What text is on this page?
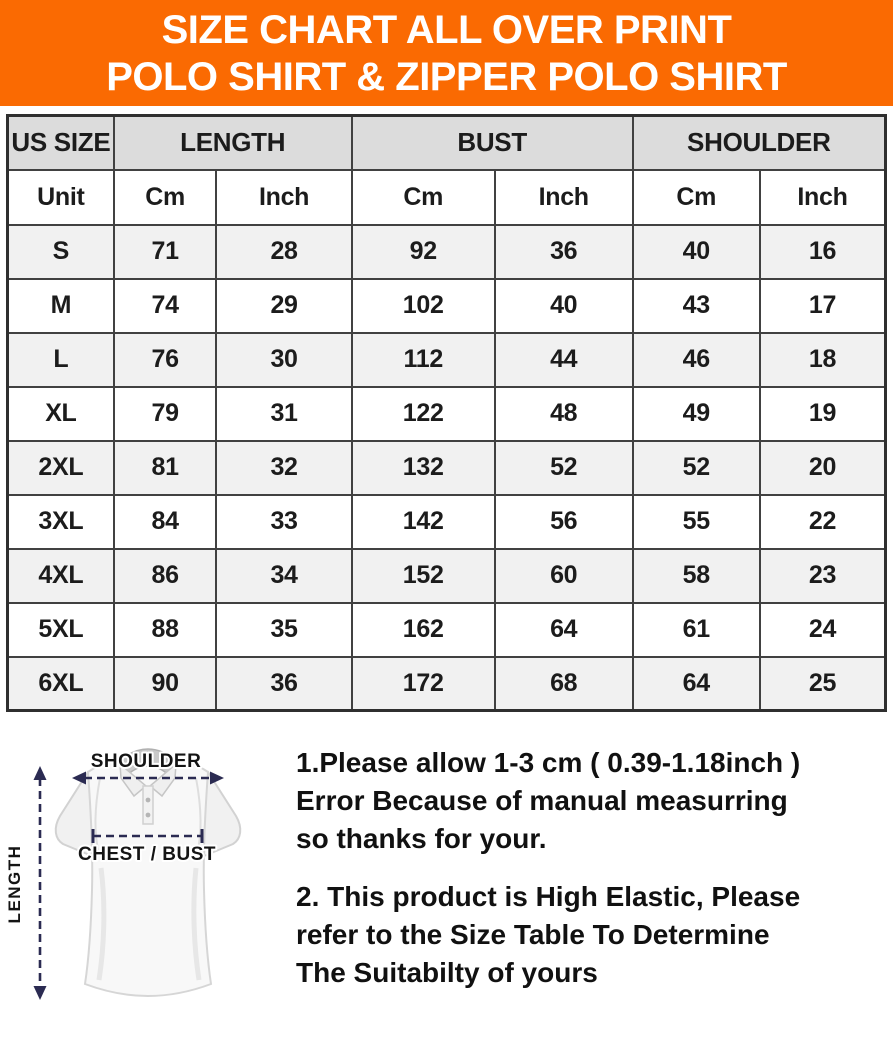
SIZE CHART ALL OVER PRINT
POLO SHIRT & ZIPPER POLO SHIRT
US SIZE	LENGTH		BUST		SHOULDER	
Unit	Cm	Inch	Cm	Inch	Cm	Inch
S	71	28	92	36	40	16
M	74	29	102	40	43	17
L	76	30	112	44	46	18
XL	79	31	122	48	49	19
2XL	81	32	132	52	52	20
3XL	84	33	142	56	55	22
4XL	86	34	152	60	58	23
5XL	88	35	162	64	61	24
6XL	90	36	172	68	64	25
SHOULDER
CHEST / BUST
LENGTH

1.Please allow 1-3 cm ( 0.39-1.18inch )
Error Because of manual measurring
so thanks for your.

2. This product is High Elastic, Please
refer to the Size Table To Determine
The Suitabilty of yours
